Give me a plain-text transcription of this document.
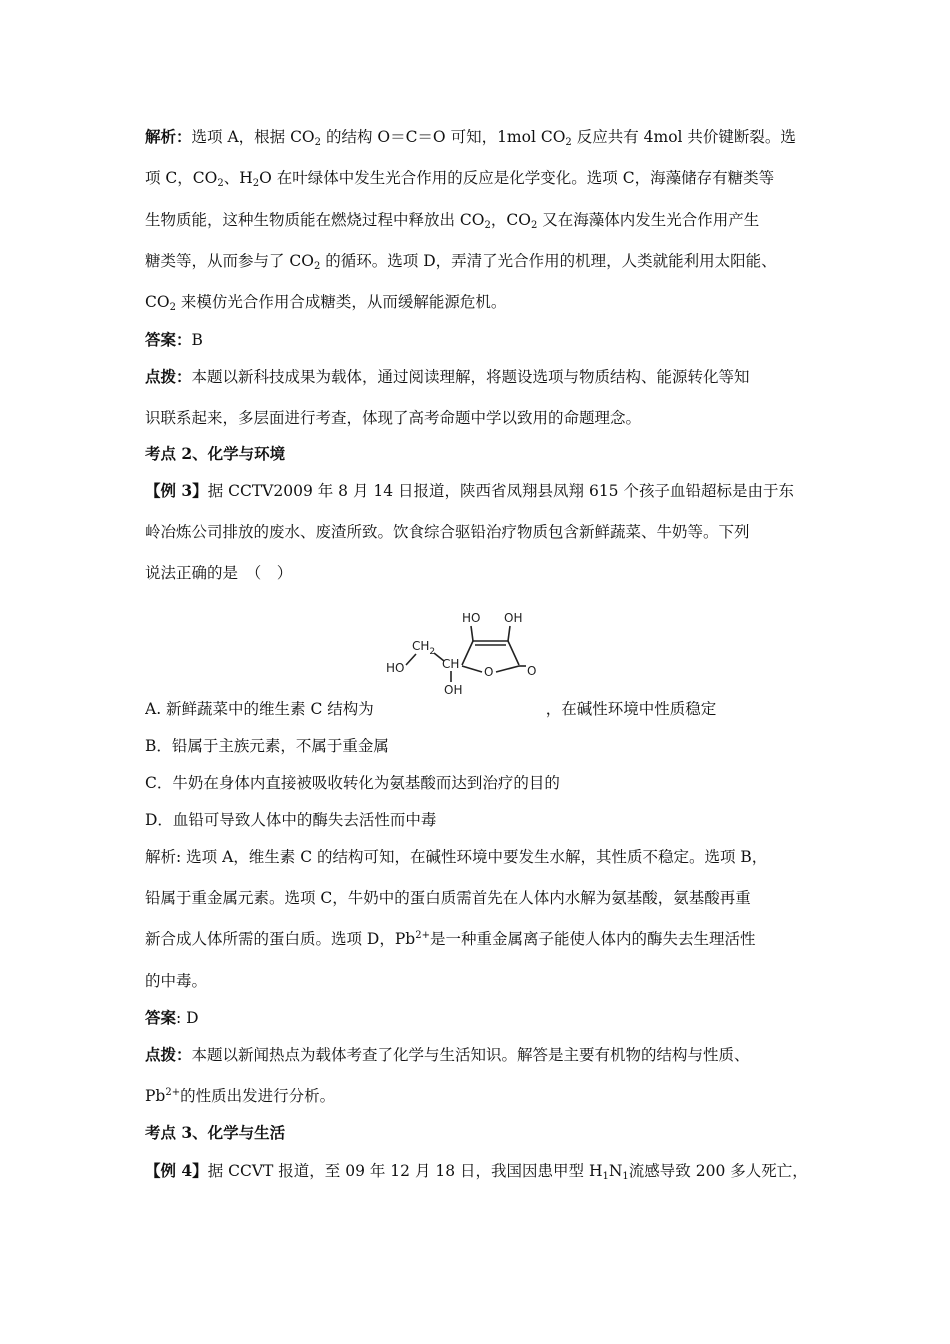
解析：选项 A，根据 $CO_2$ 的结构 O＝C＝O 可知，1mol $CO_2$ 反应共有 4mol 共价键断裂。选
项 C，$CO_2$、$H_2O$ 在叶绿体中发生光合作用的反应是化学变化。选项 C，海藻储存有糖类等
生物质能，这种生物质能在燃烧过程中释放出 $CO_2$，$CO_2$ 又在海藻体内发生光合作用产生
糖类等，从而参与了 $CO_2$ 的循环。选项 D，弄清了光合作用的机理，人类就能利用太阳能、
$CO_2$ 来模仿光合作用合成糖类，从而缓解能源危机。
答案：B
点拨：本题以新科技成果为载体，通过阅读理解，将题设选项与物质结构、能源转化等知
识联系起来，多层面进行考查，体现了高考命题中学以致用的命题理念。
考点 2、化学与环境
【例 3】据 CCTV2009 年 8 月 14 日报道，陕西省凤翔县凤翔 615 个孩子血铅超标是由于东
岭冶炼公司排放的废水、废渣所致。饮食综合驱铅治疗物质包含新鲜蔬菜、牛奶等。下列
说法正确的是　（　）
HO OH
O	O
CH
OH
$CH_2$
HO
A. 新鲜蔬菜中的维生素 C 结构为	，在碱性环境中性质稳定
B．铅属于主族元素，不属于重金属
C．牛奶在身体内直接被吸收转化为氨基酸而达到治疗的目的
D．血铅可导致人体中的酶失去活性而中毒
解析: 选项 A，维生素 C 的结构可知，在碱性环境中要发生水解，其性质不稳定。选项 B，
铅属于重金属元素。选项 C，牛奶中的蛋白质需首先在人体内水解为氨基酸，氨基酸再重
新合成人体所需的蛋白质。选项 D，$Pb^{2+}$是一种重金属离子能使人体内的酶失去生理活性
的中毒。
答案: D
点拨：本题以新闻热点为载体考查了化学与生活知识。解答是主要有机物的结构与性质、
$Pb^{2+}$的性质出发进行分析。
考点 3、化学与生活
【例 4】据 CCVT 报道，至 09 年 12 月 18 日，我国因患甲型 $H_1N_1$流感导致 200 多人死亡，
